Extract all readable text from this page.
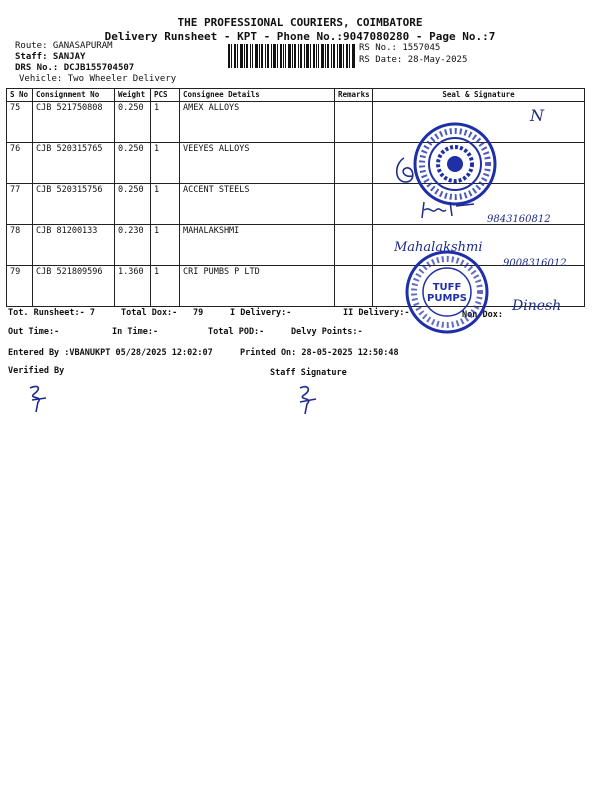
THE PROFESSIONAL COURIERS, COIMBATORE
Delivery Runsheet - KPT - Phone No.:9047080280 - Page No.:7
Route: GANASAPURAM
Staff: SANJAY
DRS No.: DCJB155704507
Vehicle: Two Wheeler Delivery
RS No.: 1557045
RS Date: 28-May-2025
S No	Consignment No	Weight	PCS	Consignee Details	Remarks	Seal & Signature
75	CJB 521750808	0.250	1	AMEX ALLOYS		
76	CJB 520315765	0.250	1	VEEYES ALLOYS		
77	CJB 520315756	0.250	1	ACCENT STEELS		
78	CJB 81200133	0.230	1	MAHALAKSHMI		
79	CJB 521809596	1.360	1	CRI PUMBS P LTD		
Tot. Runsheet:- 7	Total Dox:- 79	I Delivery:-	II Delivery:-	Non Dox:
Out Time:-	In Time:-	Total POD:-	Delvy Points:-
Entered By :VBANUKPT 05/28/2025 12:02:07	Printed On: 28-05-2025 12:50:48
Verified By	Staff Signature
N
9843160812
Mahalakshmi
9008316012
TUFF PUMPS	Dinesh
